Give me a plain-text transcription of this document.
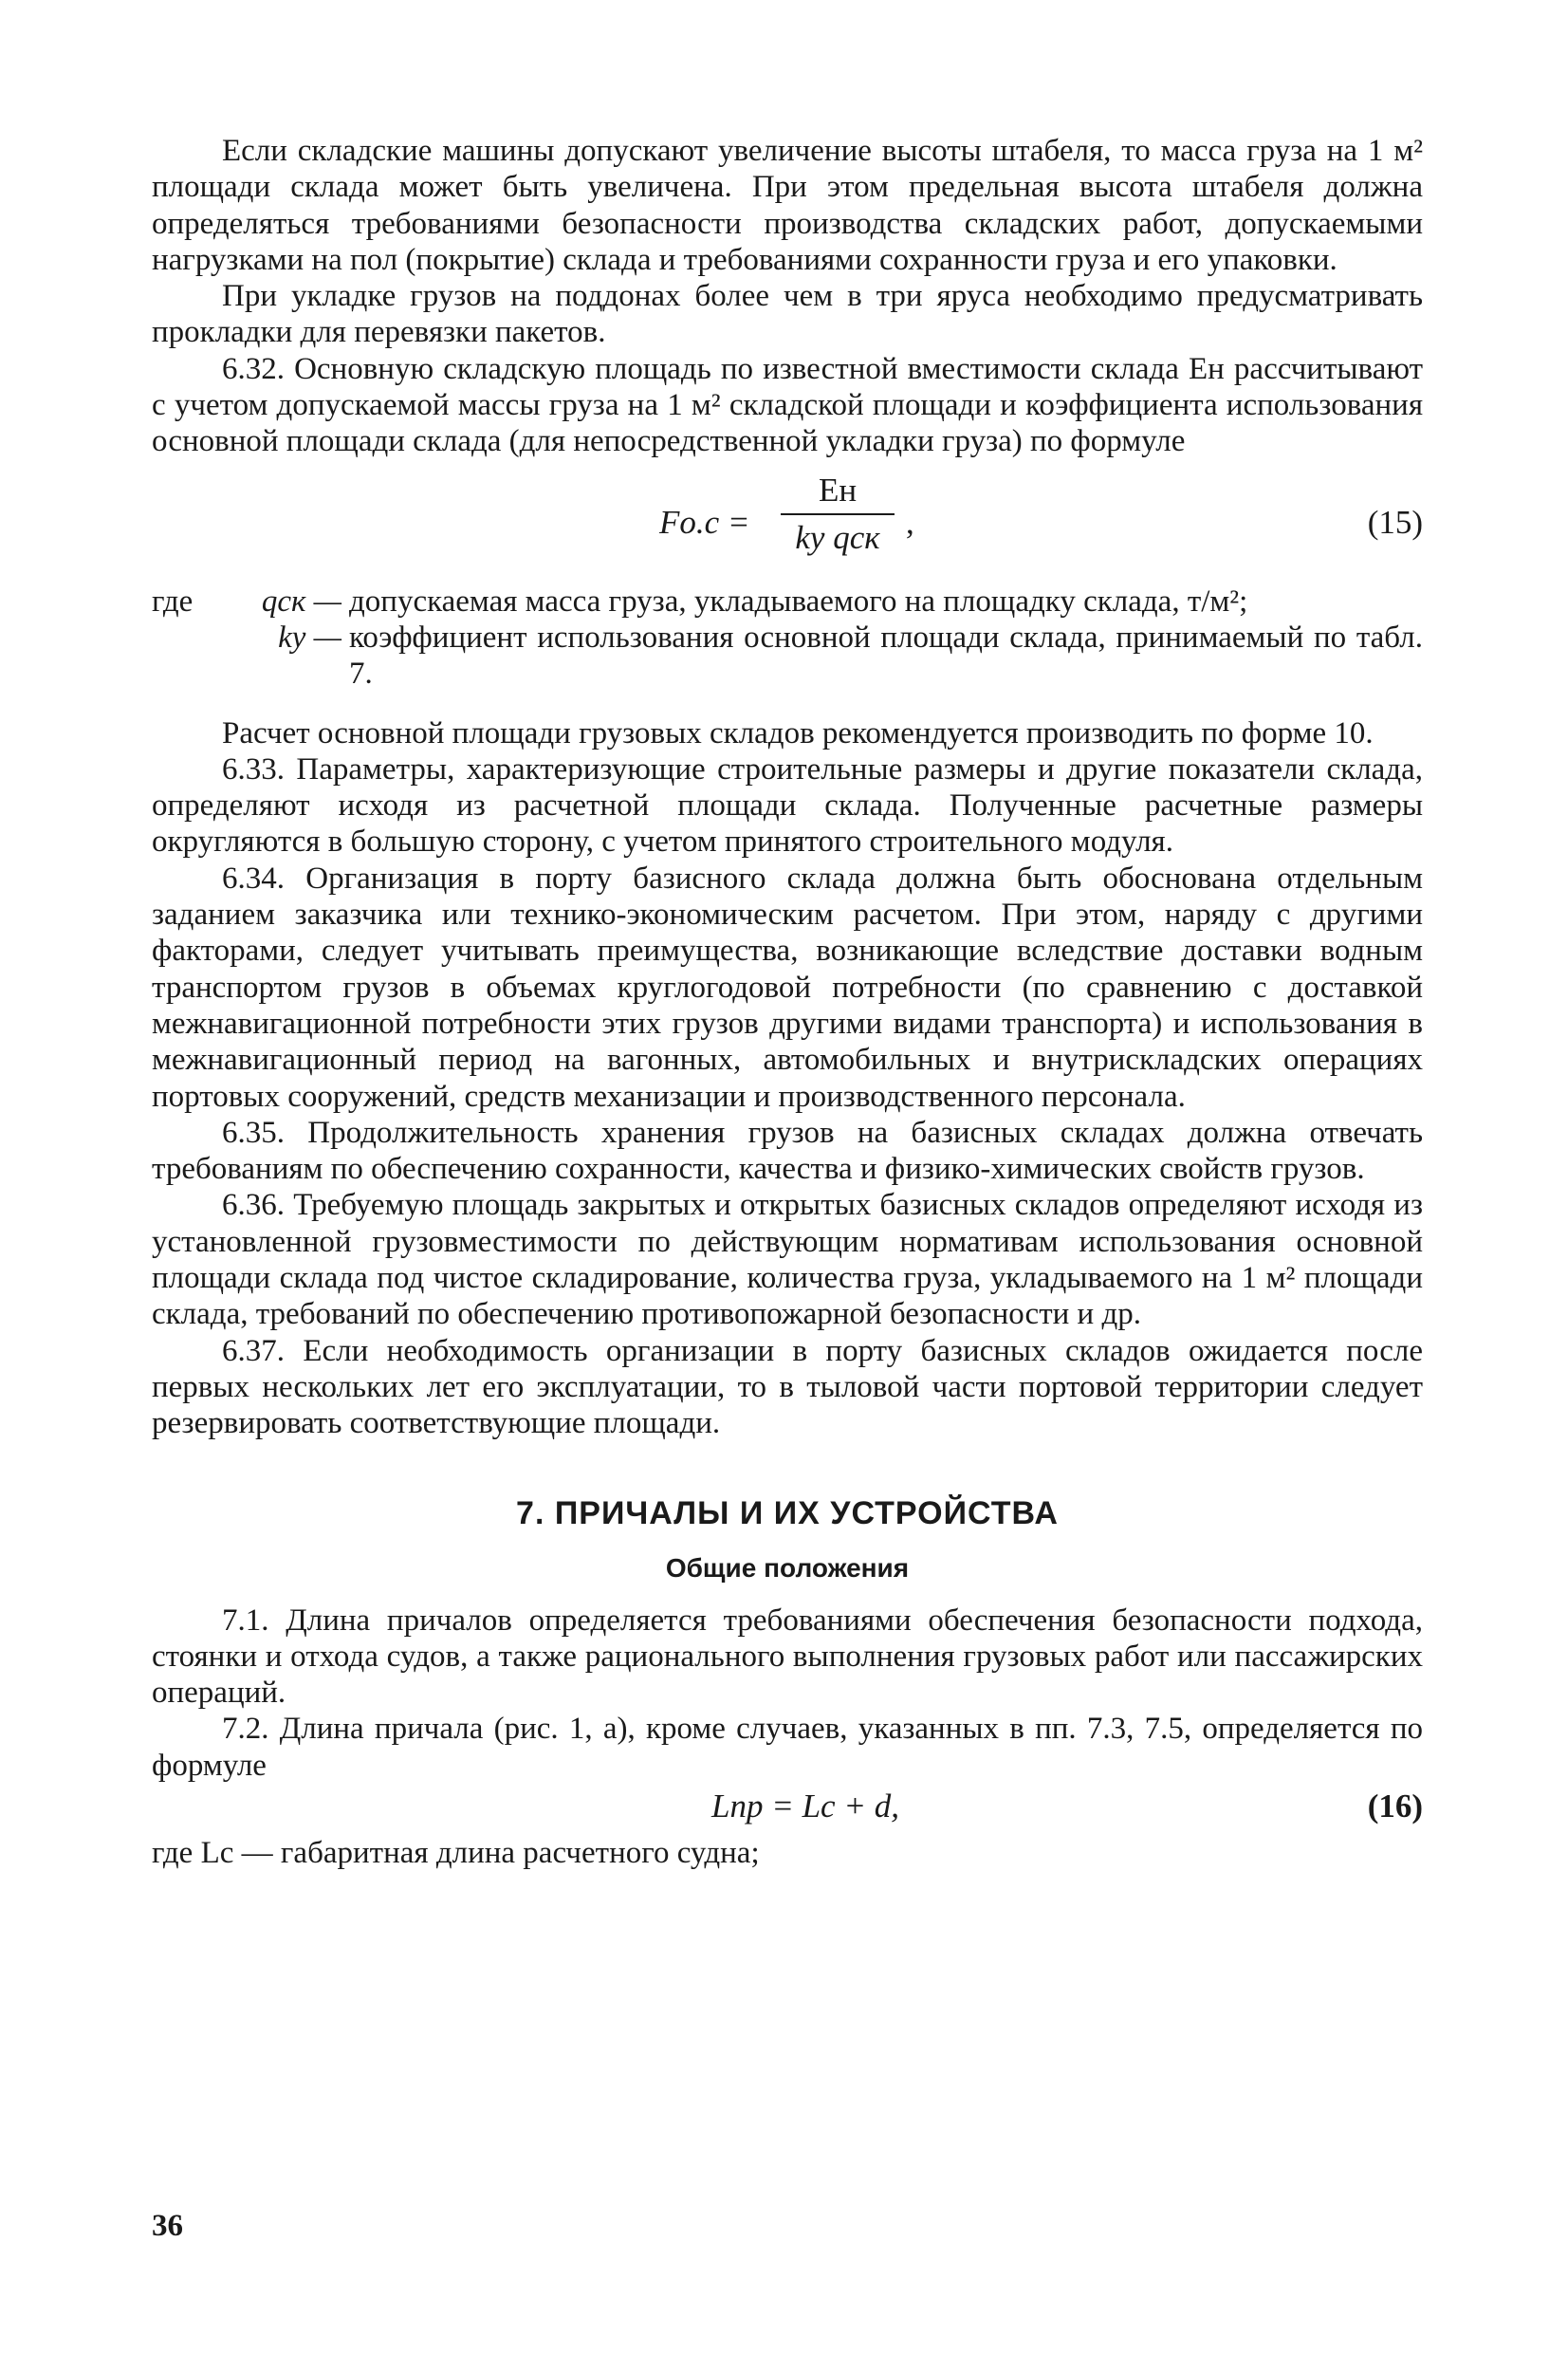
Если складские машины допускают увеличение высоты штабеля, то масса груза на 1 м² площади склада может быть увеличена. При этом предельная высота штабеля должна определяться требованиями безопасности производства складских работ, допускаемыми нагрузками на пол (покрытие) склада и требованиями сохранности груза и его упаковки.

При укладке грузов на поддонах более чем в три яруса необходимо предусматривать прокладки для перевязки пакетов.

6.32. Основную складскую площадь по известной вместимости склада Eн рассчитывают с учетом допускаемой массы груза на 1 м² складской площади и коэффициента использования основной площади склада (для непосредственной укладки груза) по формуле

Fо.с =
Eн
kу qск ,	(15)
где	qск — допускаемая масса груза, укладываемого на площадку склада, т/м²;
kу — коэффициент использования основной площади склада, принимаемый по табл. 7.

Расчет основной площади грузовых складов рекомендуется производить по форме 10.

6.33. Параметры, характеризующие строительные размеры и другие показатели склада, определяют исходя из расчетной площади склада. Полученные расчетные размеры округляются в большую сторону, с учетом принятого строительного модуля.

6.34. Организация в порту базисного склада должна быть обоснована отдельным заданием заказчика или технико-экономическим расчетом. При этом, наряду с другими факторами, следует учитывать преимущества, возникающие вследствие доставки водным транспортом грузов в объемах круглогодовой потребности (по сравнению с доставкой межнавигационной потребности этих грузов другими видами транспорта) и использования в межнавигационный период на вагонных, автомобильных и внутрискладских операциях портовых сооружений, средств механизации и производственного персонала.

6.35. Продолжительность хранения грузов на базисных складах должна отвечать требованиям по обеспечению сохранности, качества и физико-химических свойств грузов.

6.36. Требуемую площадь закрытых и открытых базисных складов определяют исходя из установленной грузовместимости по действующим нормативам использования основной площади склада под чистое складирование, количества груза, укладываемого на 1 м² площади склада, требований по обеспечению противопожарной безопасности и др.

6.37. Если необходимость организации в порту базисных складов ожидается после первых нескольких лет его эксплуатации, то в тыловой части портовой территории следует резервировать соответствующие площади.

7. ПРИЧАЛЫ И ИХ УСТРОЙСТВА
Общие положения

7.1. Длина причалов определяется требованиями обеспечения безопасности подхода, стоянки и отхода судов, а также рационального выполнения грузовых работ или пассажирских операций.

7.2. Длина причала (рис. 1, а), кроме случаев, указанных в пп. 7.3, 7.5, определяется по формуле

Lпр = Lс + d,	(16)

где Lс — габаритная длина расчетного судна;

36
